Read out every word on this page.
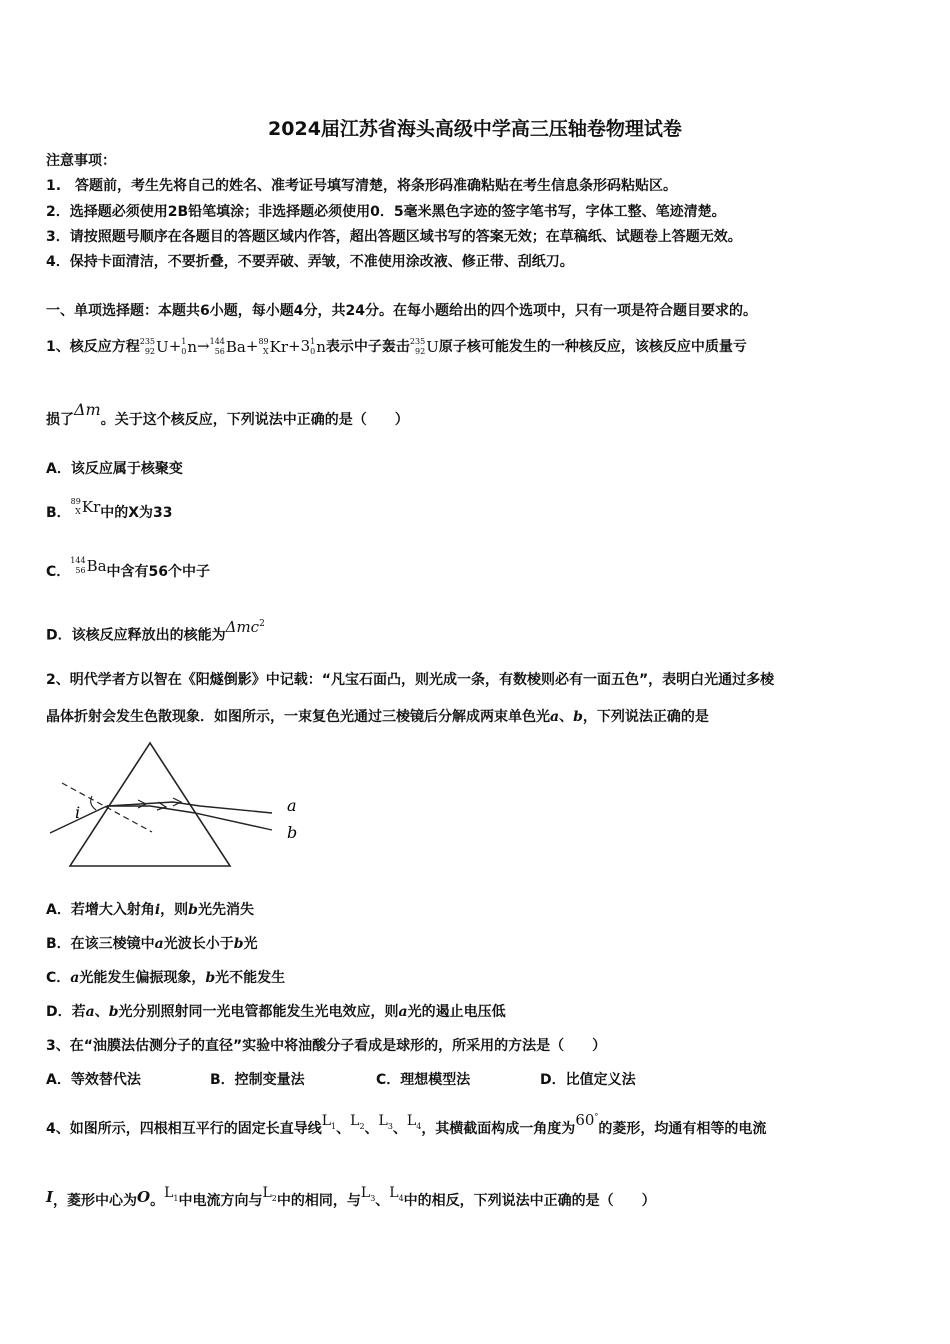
2024届江苏省海头高级中学高三压轴卷物理试卷
注意事项：
1.　答题前，考生先将自己的姓名、准考证号填写清楚，将条形码准确粘贴在考生信息条形码粘贴区。
2．选择题必须使用2B铅笔填涂；非选择题必须使用0．5毫米黑色字迹的签字笔书写，字体工整、笔迹清楚。
3．请按照题号顺序在各题目的答题区域内作答，超出答题区域书写的答案无效；在草稿纸、试题卷上答题无效。
4．保持卡面清洁，不要折叠，不要弄破、弄皱，不准使用涂改液、修正带、刮纸刀。
一、单项选择题：本题共6小题，每小题4分，共24分。在每小题给出的四个选项中，只有一项是符合题目要求的。
1、核反应方程 235
92 U+ 1
0 n→ 144
56 Ba+ 89
X Kr+3 1
0 n表示中子轰击 235
92 U原子核可能发生的一种核反应，该核反应中质量亏
损了Δm。关于这个核反应，下列说法中正确的是（　　）
A．该反应属于核聚变
B．
89
X Kr中的X为33
C．
144
56 Ba中含有56个中子
D．该核反应释放出的核能为Δmc$^2$
2、明代学者方以智在《阳燧倒影》中记载：“凡宝石面凸，则光成一条，有数棱则必有一面五色”，表明白光通过多棱
晶体折射会发生色散现象．如图所示，一束复色光通过三棱镜后分解成两束单色光a、b，下列说法正确的是
i	a
b
A．若增大入射角i，则b光先消失
B．在该三棱镜中a光波长小于b光
C．a光能发生偏振现象，b光不能发生
D．若a、b光分别照射同一光电管都能发生光电效应，则a光的遏止电压低
3、在“油膜法估测分子的直径”实验中将油酸分子看成是球形的，所采用的方法是（　　）
A．等效替代法	B．控制变量法	C．理想模型法	D．比值定义法
4、如图所示，四根相互平行的固定长直导线$L_1$、$L_2$、$L_3$、$L_4$，其横截面构成一角度为60°的菱形，均通有相等的电流
I，菱形中心为O。$L_1$中电流方向与$L_2$中的相同，与$L_3$、$L_4$中的相反，下列说法中正确的是（　　）
